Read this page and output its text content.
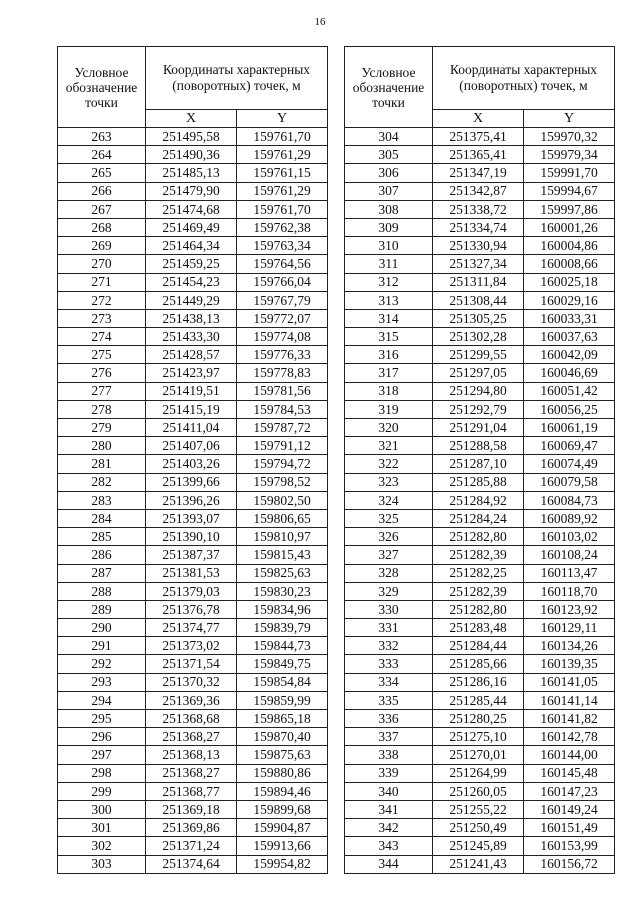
16
Условное обозначение точки	Координаты характерных (поворотных) точек, м	
	X	Y
263	251495,58	159761,70
264	251490,36	159761,29
265	251485,13	159761,15
266	251479,90	159761,29
267	251474,68	159761,70
268	251469,49	159762,38
269	251464,34	159763,34
270	251459,25	159764,56
271	251454,23	159766,04
272	251449,29	159767,79
273	251438,13	159772,07
274	251433,30	159774,08
275	251428,57	159776,33
276	251423,97	159778,83
277	251419,51	159781,56
278	251415,19	159784,53
279	251411,04	159787,72
280	251407,06	159791,12
281	251403,26	159794,72
282	251399,66	159798,52
283	251396,26	159802,50
284	251393,07	159806,65
285	251390,10	159810,97
286	251387,37	159815,43
287	251381,53	159825,63
288	251379,03	159830,23
289	251376,78	159834,96
290	251374,77	159839,79
291	251373,02	159844,73
292	251371,54	159849,75
293	251370,32	159854,84
294	251369,36	159859,99
295	251368,68	159865,18
296	251368,27	159870,40
297	251368,13	159875,63
298	251368,27	159880,86
299	251368,77	159894,46
300	251369,18	159899,68
301	251369,86	159904,87
302	251371,24	159913,66
303	251374,64	159954,82
Условное обозначение точки	Координаты характерных (поворотных) точек, м	
	X	Y
304	251375,41	159970,32
305	251365,41	159979,34
306	251347,19	159991,70
307	251342,87	159994,67
308	251338,72	159997,86
309	251334,74	160001,26
310	251330,94	160004,86
311	251327,34	160008,66
312	251311,84	160025,18
313	251308,44	160029,16
314	251305,25	160033,31
315	251302,28	160037,63
316	251299,55	160042,09
317	251297,05	160046,69
318	251294,80	160051,42
319	251292,79	160056,25
320	251291,04	160061,19
321	251288,58	160069,47
322	251287,10	160074,49
323	251285,88	160079,58
324	251284,92	160084,73
325	251284,24	160089,92
326	251282,80	160103,02
327	251282,39	160108,24
328	251282,25	160113,47
329	251282,39	160118,70
330	251282,80	160123,92
331	251283,48	160129,11
332	251284,44	160134,26
333	251285,66	160139,35
334	251286,16	160141,05
335	251285,44	160141,14
336	251280,25	160141,82
337	251275,10	160142,78
338	251270,01	160144,00
339	251264,99	160145,48
340	251260,05	160147,23
341	251255,22	160149,24
342	251250,49	160151,49
343	251245,89	160153,99
344	251241,43	160156,72
